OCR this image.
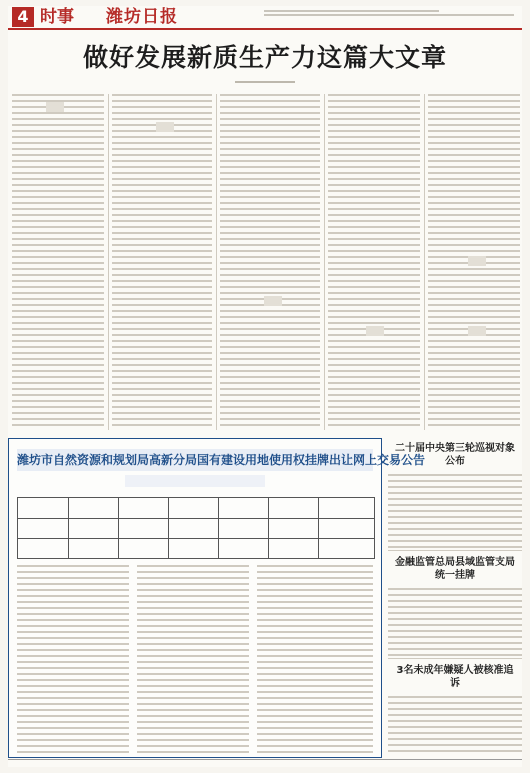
4 时事 潍坊日报
做好发展新质生产力这篇大文章
潍坊市自然资源和规划局高新分局国有建设用地使用权挂牌出让网上交易公告
二十届中央第三轮巡视对象公布
金融监管总局县域监管支局统一挂牌
3名未成年嫌疑人被核准追诉
